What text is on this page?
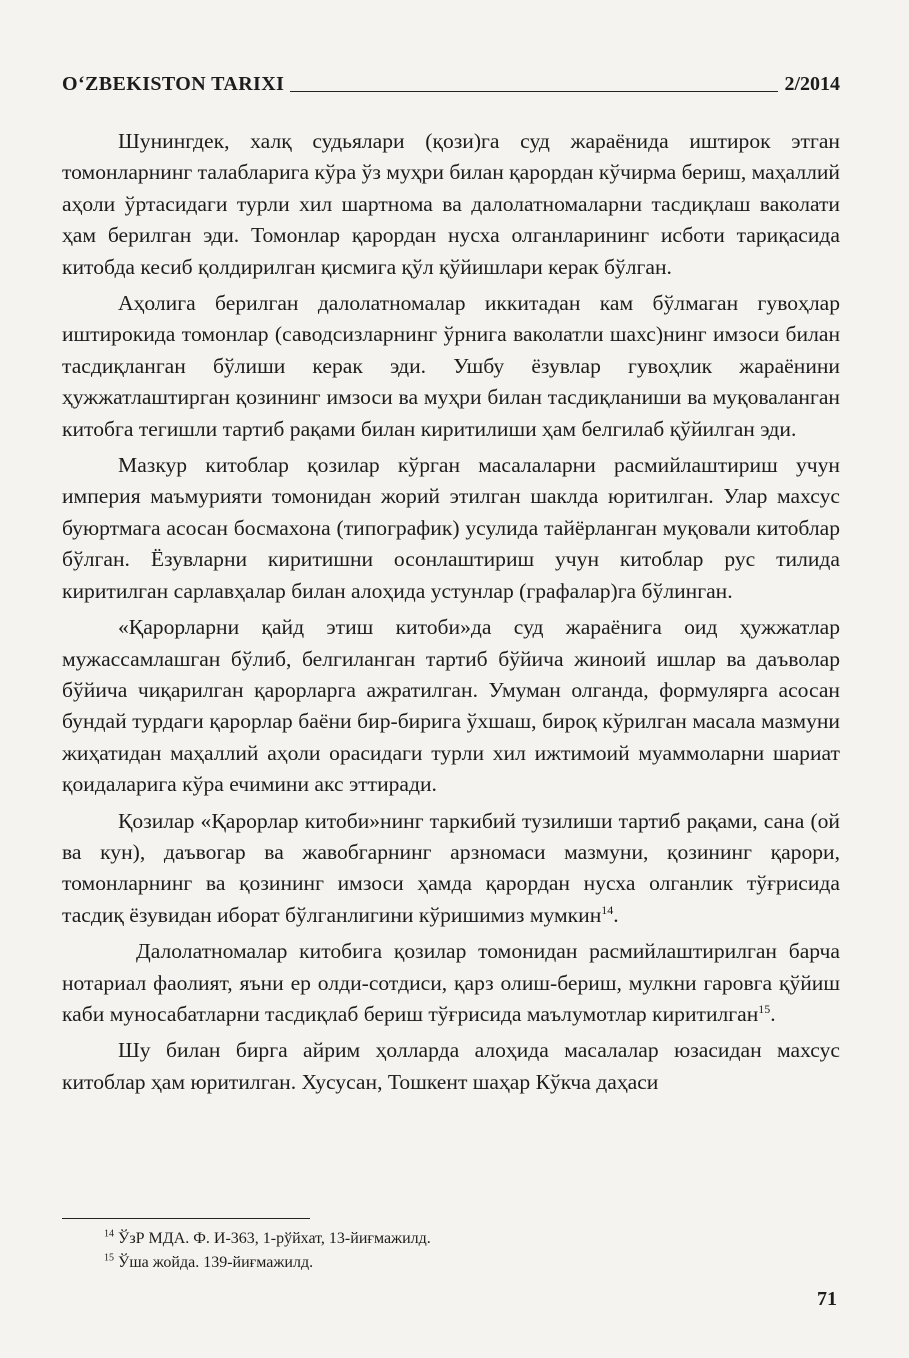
O‘ZBEKISTON TARIXI	2/2014

Шунингдек, халқ судьялари (қози)га суд жараёнида иштирок этган томонларнинг талабларига кўра ўз муҳри билан қарордан кўчирма бериш, маҳаллий аҳоли ўртасидаги турли хил шартнома ва далолатномаларни тасдиқлаш ваколати ҳам берилган эди. Томонлар қарордан нусха олганларининг исботи тариқасида китобда кесиб қолдирилган қисмига қўл қўйишлари керак бўлган.

Аҳолига берилган далолатномалар иккитадан кам бўлмаган гувоҳлар иштирокида томонлар (саводсизларнинг ўрнига ваколатли шахс)нинг имзоси билан тасдиқланган бўлиши керак эди. Ушбу ёзувлар гувоҳлик жараёнини ҳужжатлаштирган қозининг имзоси ва муҳри билан тасдиқланиши ва муқоваланган китобга тегишли тартиб рақами билан киритилиши ҳам белгилаб қўйилган эди.

Мазкур китоблар қозилар кўрган масалаларни расмийлаштириш учун империя маъмурияти томонидан жорий этилган шаклда юритилган. Улар махсус буюртмага асосан босмахона (типографик) усулида тайёрланган муқовали китоблар бўлган. Ёзувларни киритишни осонлаштириш учун китоблар рус тилида киритилган сарлавҳалар билан алоҳида устунлар (графалар)га бўлинган.

«Қарорларни қайд этиш китоби»да суд жараёнига оид ҳужжатлар мужассамлашган бўлиб, белгиланган тартиб бўйича жиноий ишлар ва даъволар бўйича чиқарилган қарорларга ажратилган. Умуман олганда, формулярга асосан бундай турдаги қарорлар баёни бир-бирига ўхшаш, бироқ кўрилган масала мазмуни жиҳатидан маҳаллий аҳоли орасидаги турли хил ижтимоий муаммоларни шариат қоидаларига кўра ечимини акс эттиради.

Қозилар «Қарорлар китоби»нинг таркибий тузилиши тартиб рақами, сана (ой ва кун), даъвогар ва жавобгарнинг арзномаси мазмуни, қозининг қарори, томонларнинг ва қозининг имзоси ҳамда қарордан нусха олганлик тўғрисида тасдиқ ёзувидан иборат бўлганлигини кўришимиз мумкин$^{14}$.

Далолатномалар китобига қозилар томонидан расмийлаштирилган барча нотариал фаолият, яъни ер олди-сотдиси, қарз олиш-бериш, мулкни гаровга қўйиш каби муносабатларни тасдиқлаб бериш тўғрисида маълумотлар киритилган$^{15}$.

Шу билан бирга айрим ҳолларда алоҳида масалалар юзасидан махсус китоблар ҳам юритилган. Хусусан, Тошкент шаҳар Кўкча даҳаси

$^{14}$ ЎзР МДА. Ф. И-363, 1-рўйхат, 13-йиғмажилд.
$^{15}$ Ўша жойда. 139-йиғмажилд.
71
